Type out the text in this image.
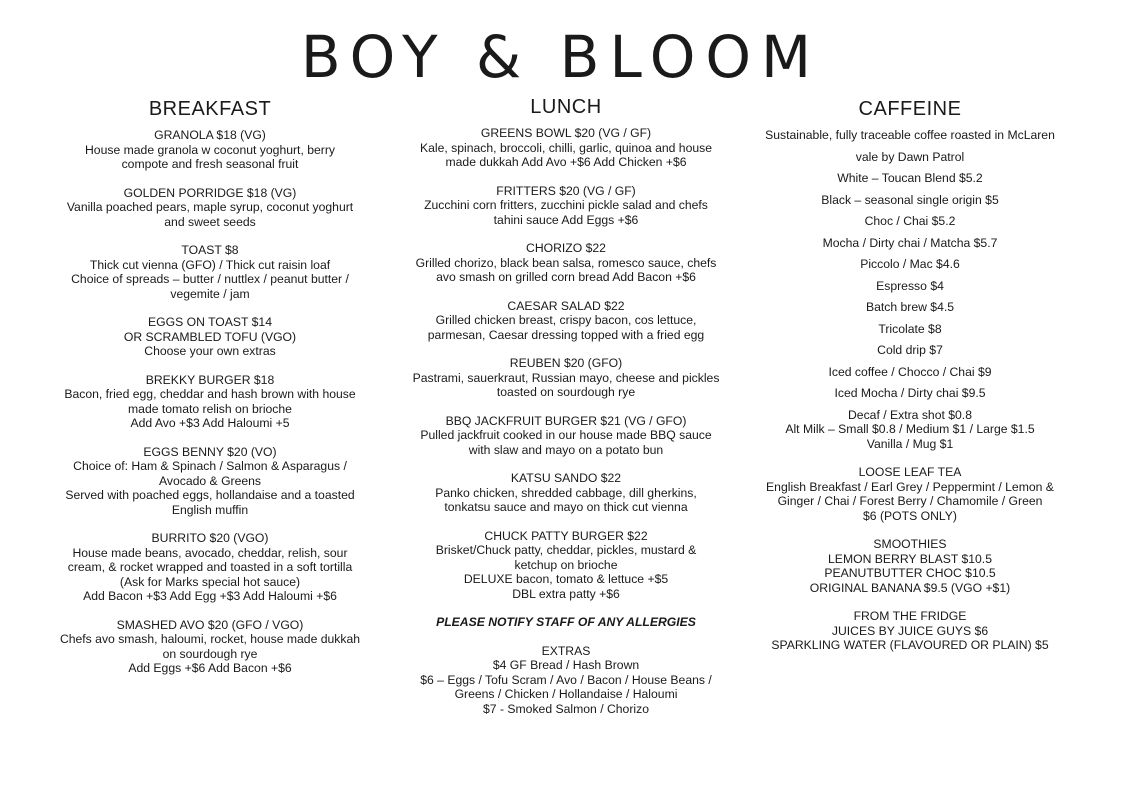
BOY & BLOOM
BREAKFAST
GRANOLA $18 (VG)
House made granola w coconut yoghurt, berry
compote and fresh seasonal fruit
GOLDEN PORRIDGE $18 (VG)
Vanilla poached pears, maple syrup, coconut yoghurt
and sweet seeds
TOAST $8
Thick cut vienna (GFO) / Thick cut raisin loaf
Choice of spreads – butter / nuttlex / peanut butter /
vegemite / jam
EGGS ON TOAST $14
OR SCRAMBLED TOFU (VGO)
Choose your own extras
BREKKY BURGER $18
Bacon, fried egg, cheddar and hash brown with house
made tomato relish on brioche
Add Avo +$3 Add Haloumi +5
EGGS BENNY $20 (VO)
Choice of: Ham & Spinach / Salmon & Asparagus /
Avocado & Greens
Served with poached eggs, hollandaise and a toasted
English muffin
BURRITO $20 (VGO)
House made beans, avocado, cheddar, relish, sour
cream, & rocket wrapped and toasted in a soft tortilla
(Ask for Marks special hot sauce)
Add Bacon +$3 Add Egg +$3 Add Haloumi +$6
SMASHED AVO $20 (GFO / VGO)
Chefs avo smash, haloumi, rocket, house made dukkah
on sourdough rye
Add Eggs +$6 Add Bacon +$6
LUNCH
GREENS BOWL $20 (VG / GF)
Kale, spinach, broccoli, chilli, garlic, quinoa and house
made dukkah Add Avo +$6 Add Chicken +$6
FRITTERS $20 (VG / GF)
Zucchini corn fritters, zucchini pickle salad and chefs
tahini sauce Add Eggs +$6
CHORIZO $22
Grilled chorizo, black bean salsa, romesco sauce, chefs
avo smash on grilled corn bread Add Bacon +$6
CAESAR SALAD $22
Grilled chicken breast, crispy bacon, cos lettuce,
parmesan, Caesar dressing topped with a fried egg
REUBEN $20 (GFO)
Pastrami, sauerkraut, Russian mayo, cheese and pickles
toasted on sourdough rye
BBQ JACKFRUIT BURGER $21 (VG / GFO)
Pulled jackfruit cooked in our house made BBQ sauce
with slaw and mayo on a potato bun
KATSU SANDO $22
Panko chicken, shredded cabbage, dill gherkins,
tonkatsu sauce and mayo on thick cut vienna
CHUCK PATTY BURGER $22
Brisket/Chuck patty, cheddar, pickles, mustard &
ketchup on brioche
DELUXE bacon, tomato & lettuce +$5
DBL extra patty +$6
PLEASE NOTIFY STAFF OF ANY ALLERGIES
EXTRAS
$4 GF Bread / Hash Brown
$6 – Eggs / Tofu Scram / Avo / Bacon / House Beans /
Greens / Chicken / Hollandaise / Haloumi
$7 - Smoked Salmon / Chorizo
CAFFEINE
Sustainable, fully traceable coffee roasted in McLaren
vale by Dawn Patrol
White – Toucan Blend $5.2
Black – seasonal single origin $5
Choc / Chai $5.2
Mocha / Dirty chai / Matcha $5.7
Piccolo / Mac $4.6
Espresso $4
Batch brew $4.5
Tricolate $8
Cold drip $7
Iced coffee / Chocco / Chai $9
Iced Mocha / Dirty chai $9.5
Decaf / Extra shot $0.8
Alt Milk – Small $0.8 / Medium $1 / Large $1.5
Vanilla / Mug $1
LOOSE LEAF TEA
English Breakfast / Earl Grey / Peppermint / Lemon &
Ginger / Chai / Forest Berry / Chamomile / Green
$6 (POTS ONLY)
SMOOTHIES
LEMON BERRY BLAST $10.5
PEANUTBUTTER CHOC $10.5
ORIGINAL BANANA $9.5 (VGO +$1)
FROM THE FRIDGE
JUICES BY JUICE GUYS $6
SPARKLING WATER (FLAVOURED OR PLAIN) $5
